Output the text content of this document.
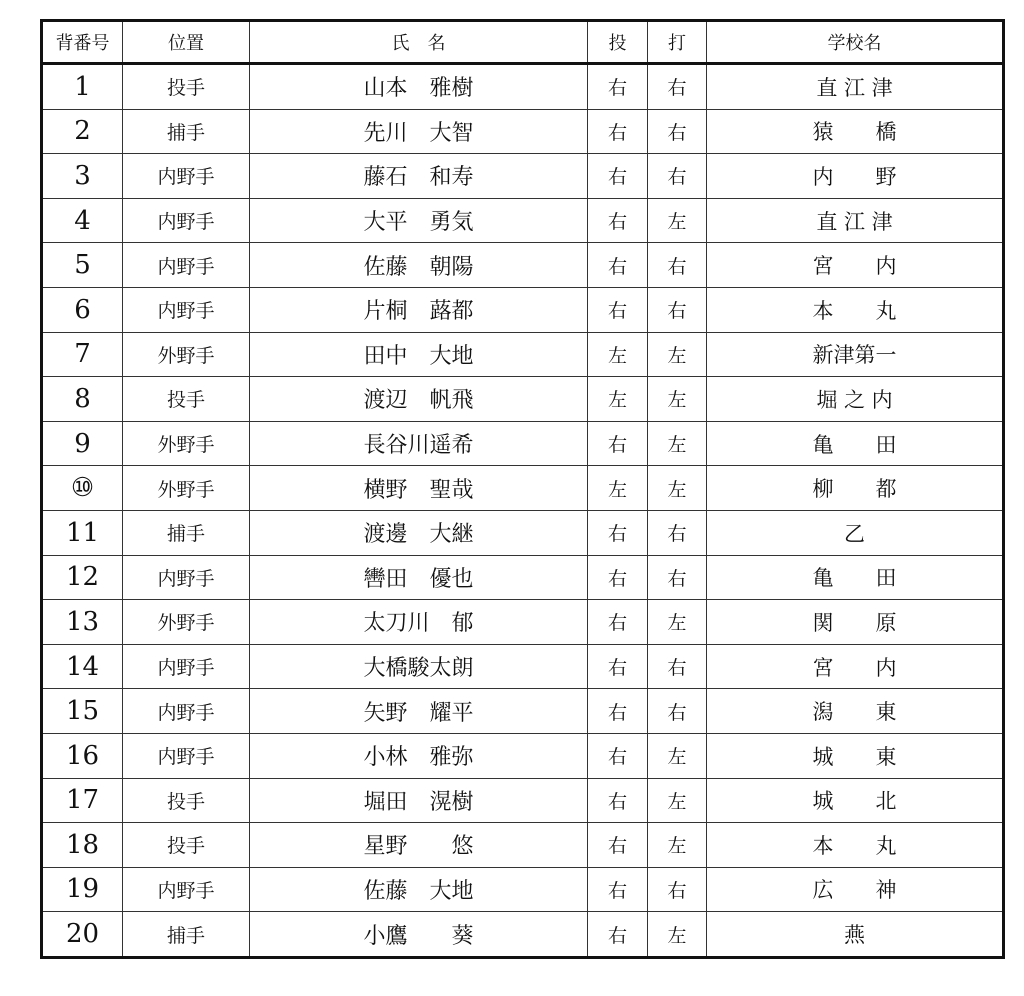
背番号	位置	氏　名	投	打	学校名
1	投手	山本　雅樹	右	右	直 江 津
2	捕手	先川　大智	右	右	猿　　橋
3	内野手	藤石　和寿	右	右	内　　野
4	内野手	大平　勇気	右	左	直 江 津
5	内野手	佐藤　朝陽	右	右	宮　　内
6	内野手	片桐　蕗都	右	右	本　　丸
7	外野手	田中　大地	左	左	新津第一
8	投手	渡辺　帆飛	左	左	堀 之 内
9	外野手	長谷川遥希	右	左	亀　　田
⑩	外野手	横野　聖哉	左	左	柳　　都
11	捕手	渡邊　大継	右	右	乙
12	内野手	轡田　優也	右	右	亀　　田
13	外野手	太刀川　郁	右	左	関　　原
14	内野手	大橋駿太朗	右	右	宮　　内
15	内野手	矢野　耀平	右	右	潟　　東
16	内野手	小林　雅弥	右	左	城　　東
17	投手	堀田　滉樹	右	左	城　　北
18	投手	星野　　悠	右	左	本　　丸
19	内野手	佐藤　大地	右	右	広　　神
20	捕手	小鷹　　葵	右	左	燕
